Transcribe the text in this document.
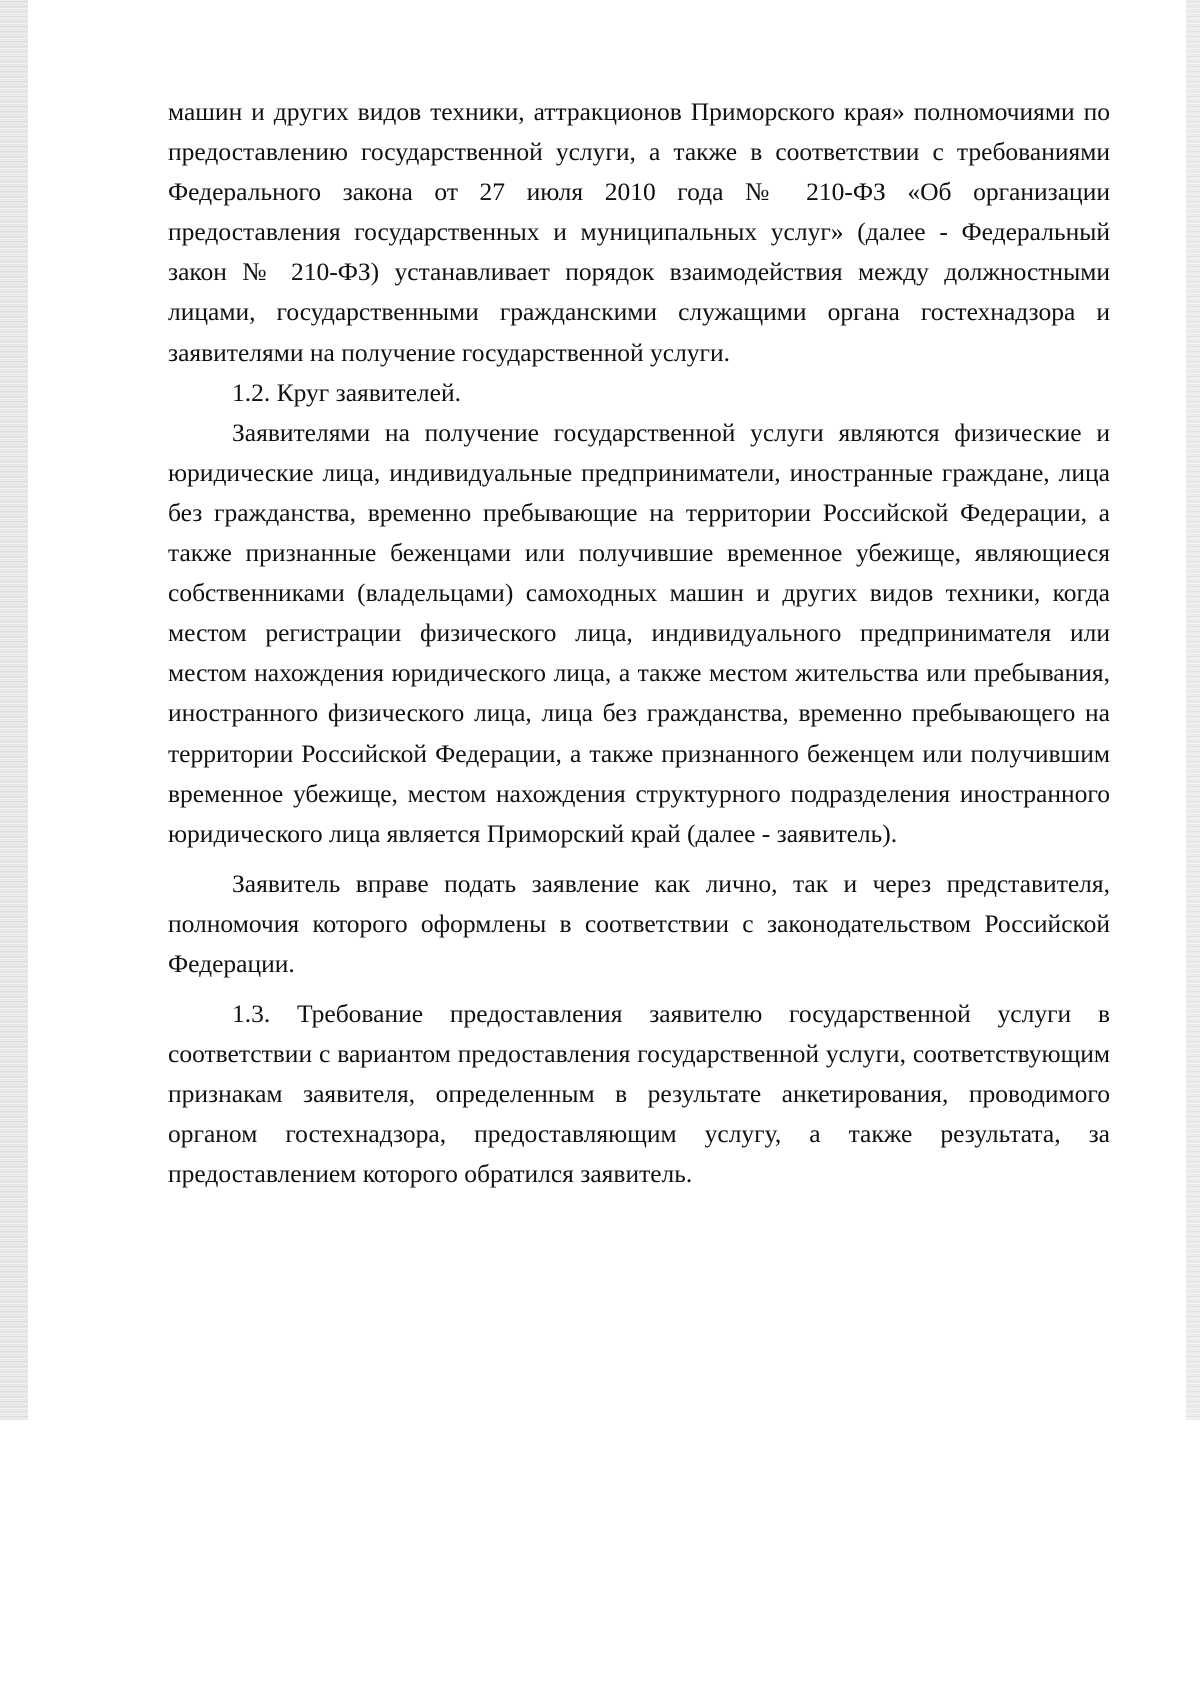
машин и других видов техники, аттракционов Приморского края» полномочиями по предоставлению государственной услуги, а также в соответствии с требованиями Федерального закона от 27 июля 2010 года № 210-ФЗ «Об организации предоставления государственных и муниципальных услуг» (далее - Федеральный закон № 210-ФЗ) устанавливает порядок взаимодействия между должностными лицами, государственными гражданскими служащими органа гостехнадзора и заявителями на получение государственной услуги.

1.2. Круг заявителей.

Заявителями на получение государственной услуги являются физические и юридические лица, индивидуальные предприниматели, иностранные граждане, лица без гражданства, временно пребывающие на территории Российской Федерации, а также признанные беженцами или получившие временное убежище, являющиеся собственниками (владельцами) самоходных машин и других видов техники, когда местом регистрации физического лица, индивидуального предпринимателя или местом нахождения юридического лица, а также местом жительства или пребывания, иностранного физического лица, лица без гражданства, временно пребывающего на территории Российской Федерации, а также признанного беженцем или получившим временное убежище, местом нахождения структурного подразделения иностранного юридического лица является Приморский край (далее - заявитель).

Заявитель вправе подать заявление как лично, так и через представителя, полномочия которого оформлены в соответствии с законодательством Российской Федерации.

1.3. Требование предоставления заявителю государственной услуги в соответствии с вариантом предоставления государственной услуги, соответствующим признакам заявителя, определенным в результате анкетирования, проводимого органом гостехнадзора, предоставляющим услугу, а также результата, за предоставлением которого обратился заявитель.
